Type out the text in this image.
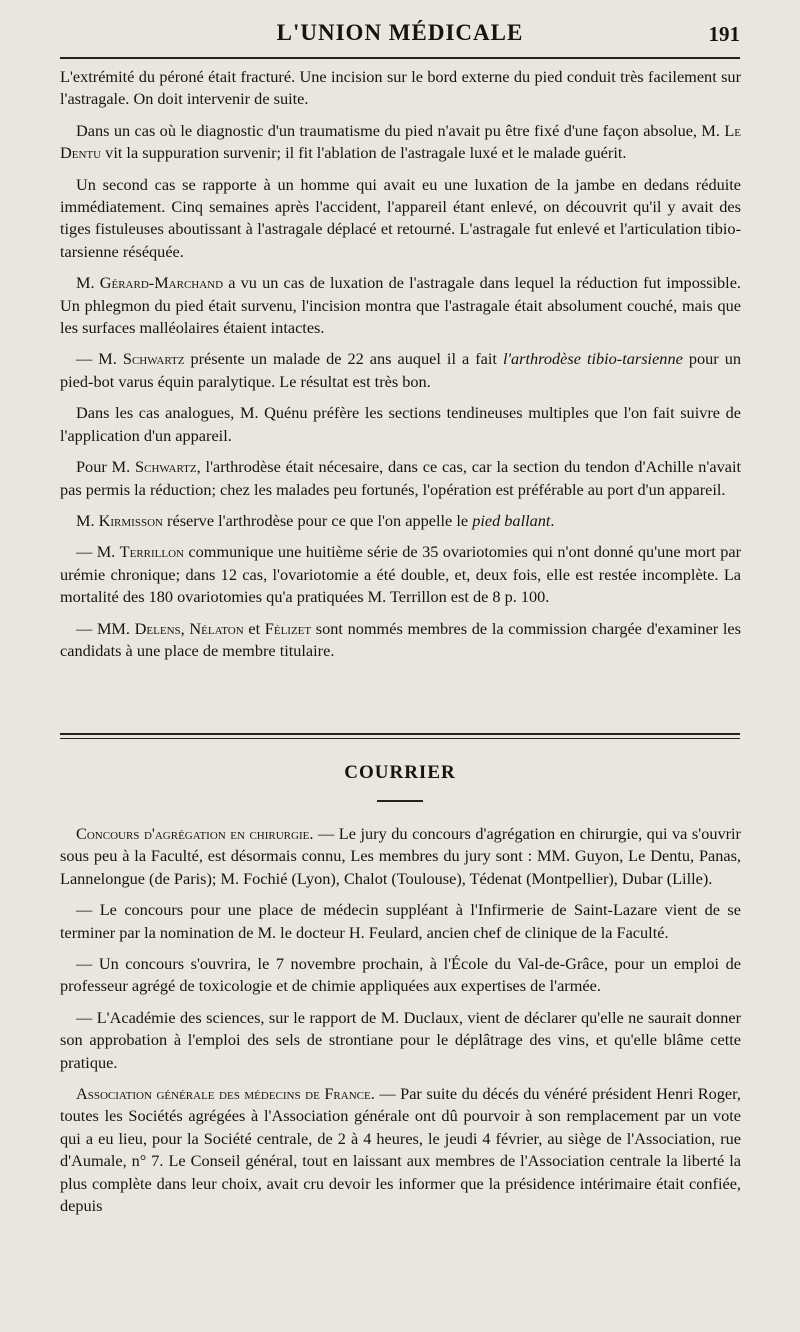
L'UNION MÉDICALE	191

L'extrémité du péroné était fracturé. Une incision sur le bord externe du pied conduit très facilement sur l'astragale. On doit intervenir de suite.

Dans un cas où le diagnostic d'un traumatisme du pied n'avait pu être fixé d'une façon absolue, M. Le Dentu vit la suppuration survenir; il fit l'ablation de l'astragale luxé et le malade guérit.

Un second cas se rapporte à un homme qui avait eu une luxation de la jambe en dedans réduite immédiatement. Cinq semaines après l'accident, l'appareil étant enlevé, on découvrit qu'il y avait des tiges fistuleuses aboutissant à l'astragale déplacé et retourné. L'astragale fut enlevé et l'articulation tibio-tarsienne réséquée.

M. Gérard-Marchand a vu un cas de luxation de l'astragale dans lequel la réduction fut impossible. Un phlegmon du pied était survenu, l'incision montra que l'astragale était absolument couché, mais que les surfaces malléolaires étaient intactes.

— M. Schwartz présente un malade de 22 ans auquel il a fait l'arthrodèse tibio-tarsienne pour un pied-bot varus équin paralytique. Le résultat est très bon.

Dans les cas analogues, M. Quénu préfère les sections tendineuses multiples que l'on fait suivre de l'application d'un appareil.

Pour M. Schwartz, l'arthrodèse était nécesaire, dans ce cas, car la section du tendon d'Achille n'avait pas permis la réduction; chez les malades peu fortunés, l'opération est préférable au port d'un appareil.

M. Kirmisson réserve l'arthrodèse pour ce que l'on appelle le pied ballant.

— M. Terrillon communique une huitième série de 35 ovariotomies qui n'ont donné qu'une mort par urémie chronique; dans 12 cas, l'ovariotomie a été double, et, deux fois, elle est restée incomplète. La mortalité des 180 ovariotomies qu'a pratiquées M. Terrillon est de 8 p. 100.

— MM. Delens, Nélaton et Félizet sont nommés membres de la commission chargée d'examiner les candidats à une place de membre titulaire.

COURRIER

Concours d'agrégation en chirurgie. — Le jury du concours d'agrégation en chirurgie, qui va s'ouvrir sous peu à la Faculté, est désormais connu, Les membres du jury sont : MM. Guyon, Le Dentu, Panas, Lannelongue (de Paris); M. Fochié (Lyon), Chalot (Toulouse), Tédenat (Montpellier), Dubar (Lille).

— Le concours pour une place de médecin suppléant à l'Infirmerie de Saint-Lazare vient de se terminer par la nomination de M. le docteur H. Feulard, ancien chef de clinique de la Faculté.

— Un concours s'ouvrira, le 7 novembre prochain, à l'École du Val-de-Grâce, pour un emploi de professeur agrégé de toxicologie et de chimie appliquées aux expertises de l'armée.

— L'Académie des sciences, sur le rapport de M. Duclaux, vient de déclarer qu'elle ne saurait donner son approbation à l'emploi des sels de strontiane pour le déplâtrage des vins, et qu'elle blâme cette pratique.

Association générale des médecins de France. — Par suite du décés du vénéré président Henri Roger, toutes les Sociétés agrégées à l'Association générale ont dû pourvoir à son remplacement par un vote qui a eu lieu, pour la Société centrale, de 2 à 4 heures, le jeudi 4 février, au siège de l'Association, rue d'Aumale, n° 7. Le Conseil général, tout en laissant aux membres de l'Association centrale la liberté la plus complète dans leur choix, avait cru devoir les informer que la présidence intérimaire était confiée, depuis
